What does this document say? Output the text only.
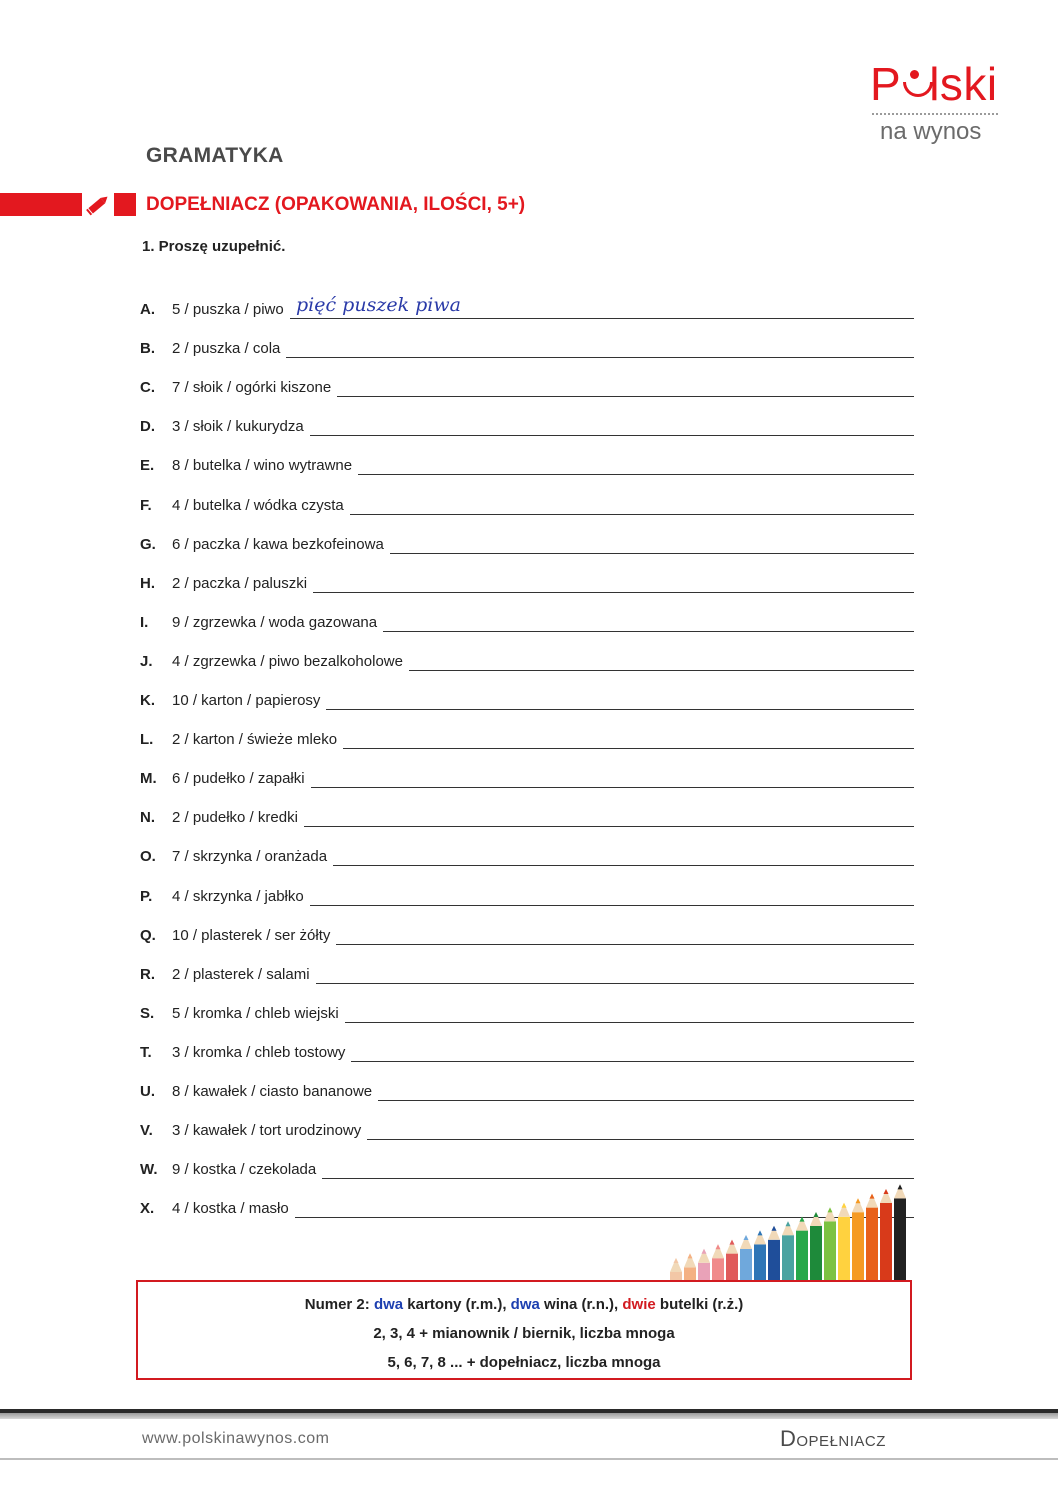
P lski
na wynos
GRAMATYKA
DOPEŁNIACZ (OPAKOWANIA, ILOŚCI, 5+)
1. Proszę uzupełnić.
A. 5 / puszka / piwo pięć puszek piwa
B. 2 / puszka / cola
C. 7 / słoik / ogórki kiszone
D. 3 / słoik / kukurydza
E. 8 / butelka / wino wytrawne
F. 4 / butelka / wódka czysta
G. 6 / paczka / kawa bezkofeinowa
H. 2 / paczka / paluszki
I. 9 / zgrzewka / woda gazowana
J. 4 / zgrzewka / piwo bezalkoholowe
K. 10 / karton / papierosy
L. 2 / karton / świeże mleko
M. 6 / pudełko / zapałki
N. 2 / pudełko / kredki
O. 7 / skrzynka / oranżada
P. 4 / skrzynka / jabłko
Q. 10 / plasterek / ser żółty
R. 2 / plasterek / salami
S. 5 / kromka / chleb wiejski
T. 3 / kromka / chleb tostowy
U. 8 / kawałek / ciasto bananowe
V. 3 / kawałek / tort urodzinowy
W. 9 / kostka / czekolada
X. 4 / kostka / masło
Numer 2: dwa kartony (r.m.), dwa wina (r.n.), dwie butelki (r.ż.)
2, 3, 4 + mianownik / biernik, liczba mnoga
5, 6, 7, 8 ... + dopełniacz, liczba mnoga
www.polskinawynos.com	Dopełniacz
